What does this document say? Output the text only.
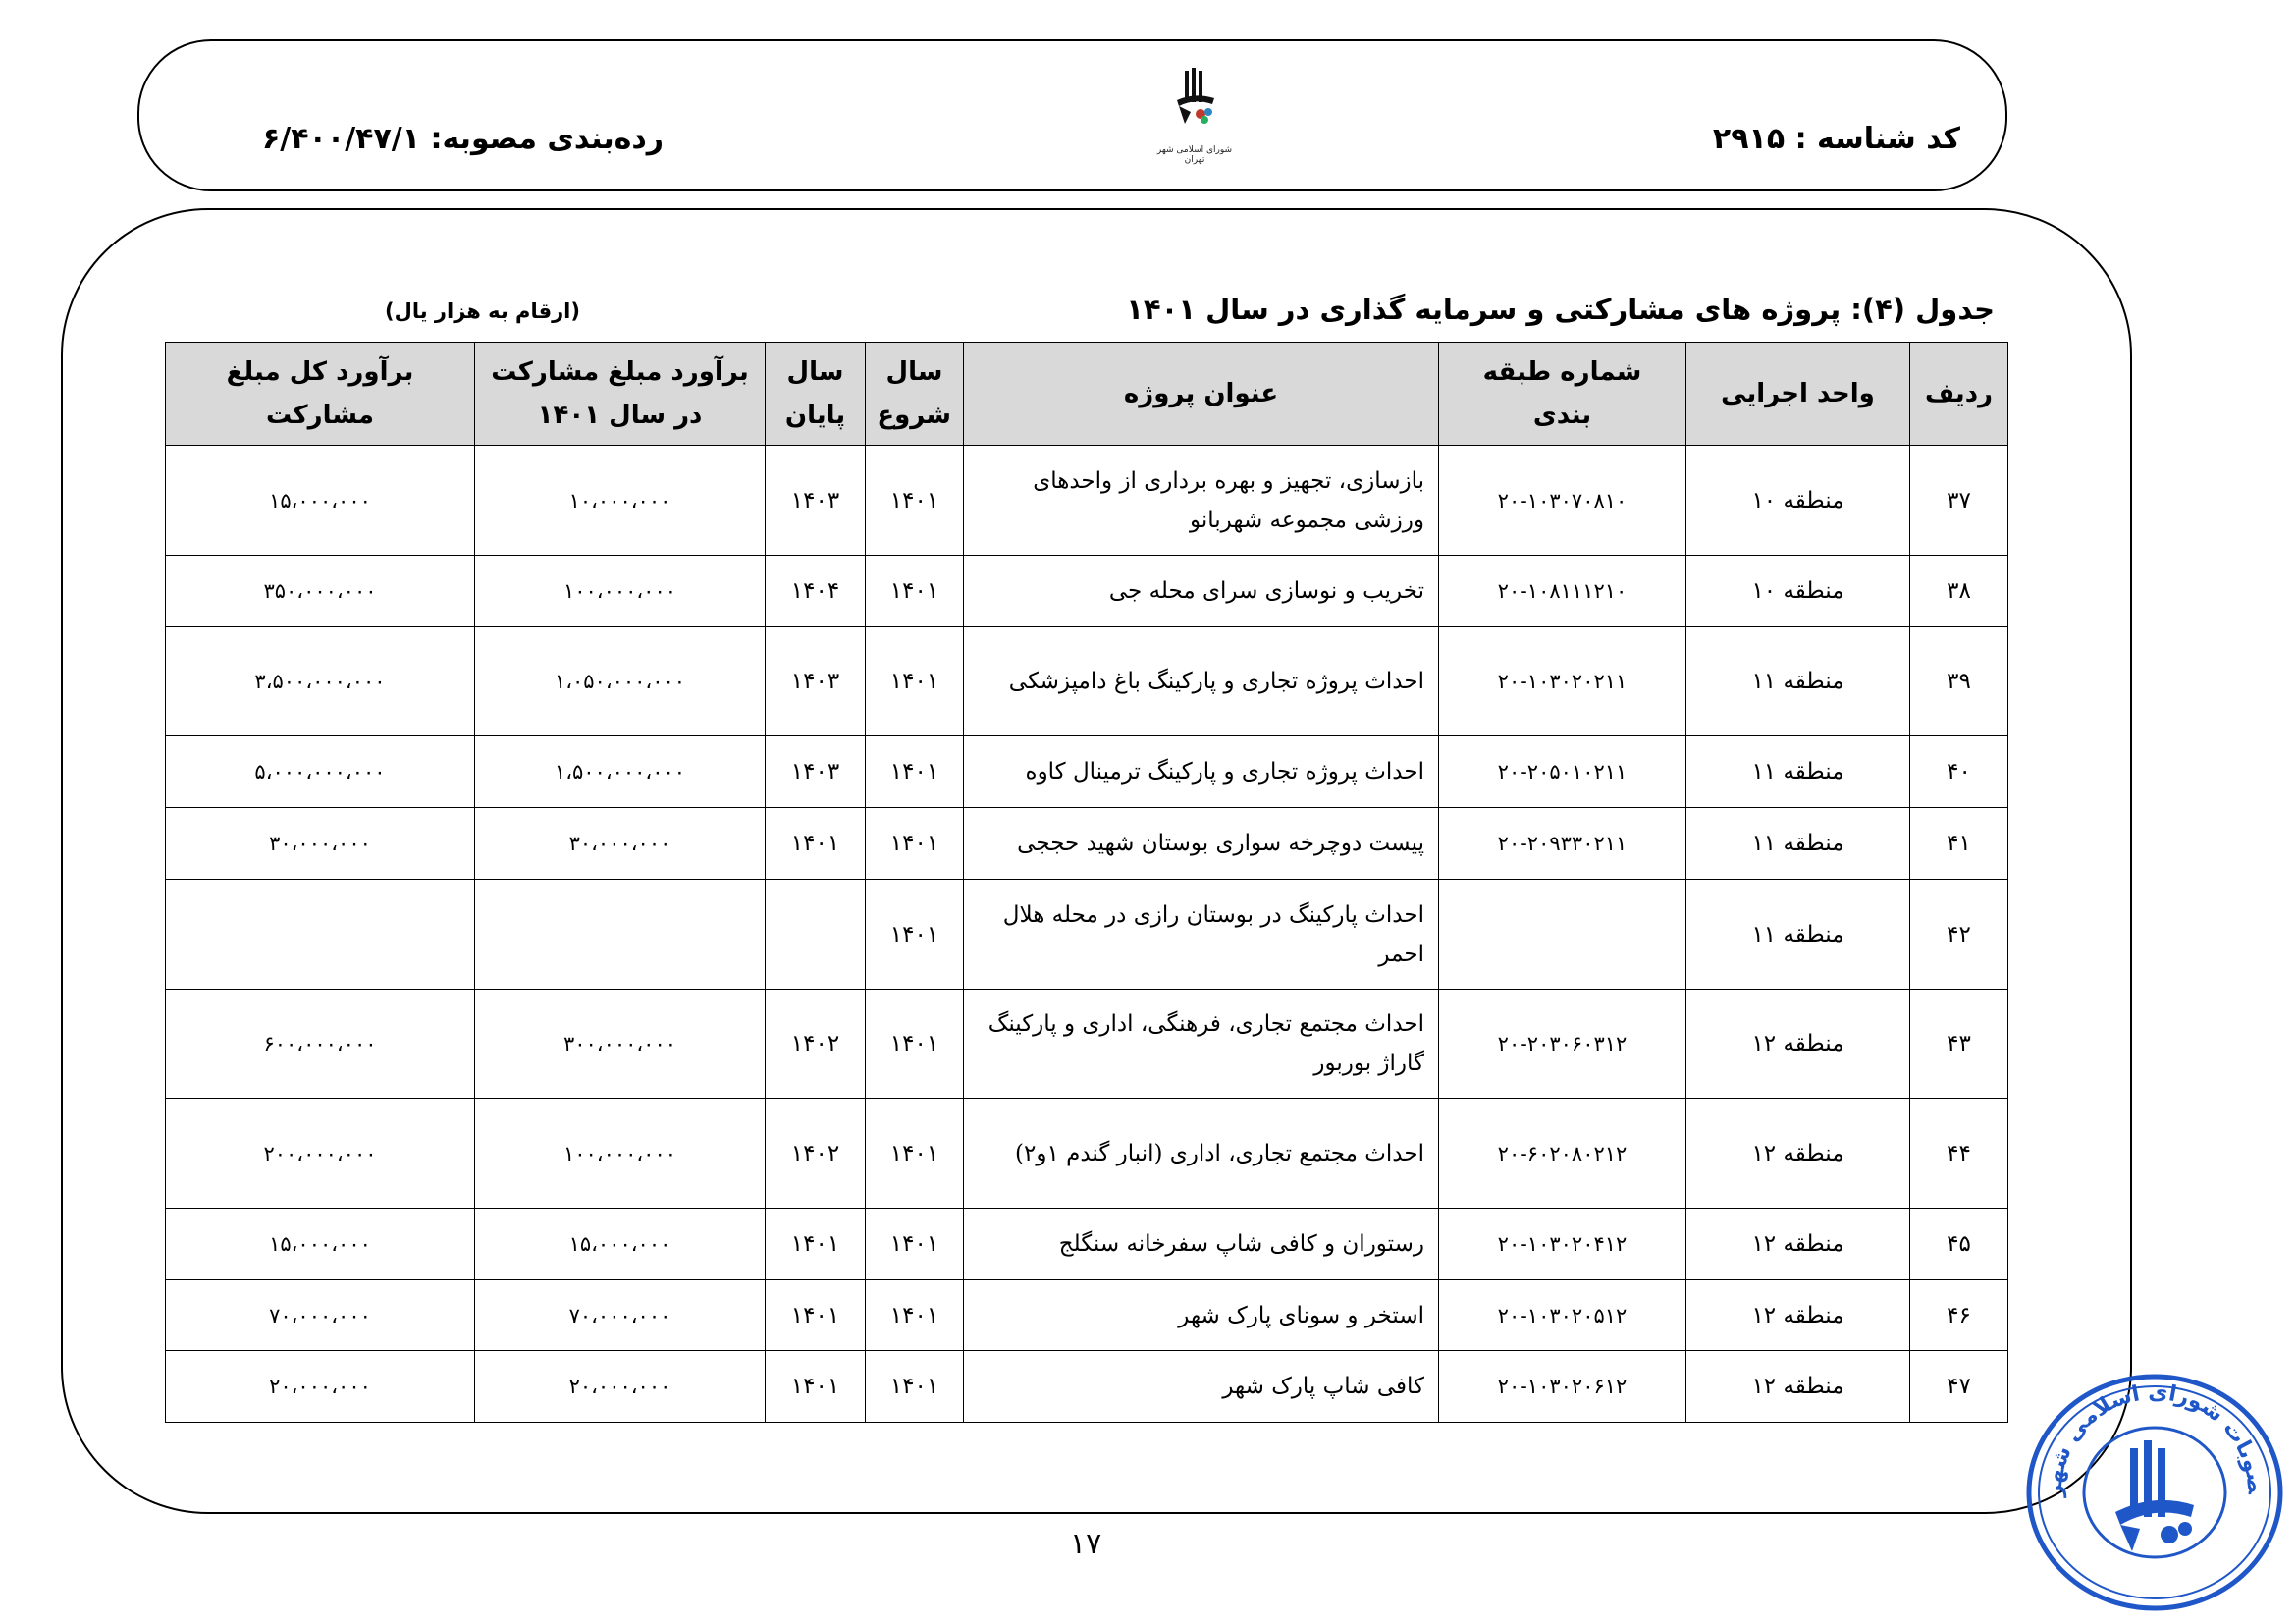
کد شناسه : ۲۹۱۵
رده‌بندی مصوبه: ۶/۴۰۰/۴۷/۱	شورای اسلامی شهر تهران
جدول (۴): پروژه های مشارکتی و سرمایه گذاری در سال ۱۴۰۱
(ارقام به هزار یال)
ردیف	واحد اجرایی	شماره طبقه بندی	عنوان پروژه	سال شروع	سال پایان	برآورد مبلغ مشارکت در سال ۱۴۰۱	برآورد کل مبلغ مشارکت
۳۷	منطقه ۱۰	۲۰-۱۰۳۰۷۰۸۱۰	بازسازی، تجهیز و بهره برداری از واحدهای ورزشی مجموعه شهربانو	۱۴۰۱	۱۴۰۳	۱۰،۰۰۰،۰۰۰	۱۵،۰۰۰،۰۰۰
۳۸	منطقه ۱۰	۲۰-۱۰۸۱۱۱۲۱۰	تخریب و نوسازی سرای محله جی	۱۴۰۱	۱۴۰۴	۱۰۰،۰۰۰،۰۰۰	۳۵۰،۰۰۰،۰۰۰
۳۹	منطقه ۱۱	۲۰-۱۰۳۰۲۰۲۱۱	احداث پروژه تجاری و پارکینگ باغ دامپزشکی	۱۴۰۱	۱۴۰۳	۱،۰۵۰،۰۰۰،۰۰۰	۳،۵۰۰،۰۰۰،۰۰۰
۴۰	منطقه ۱۱	۲۰-۲۰۵۰۱۰۲۱۱	احداث پروژه تجاری و پارکینگ ترمینال کاوه	۱۴۰۱	۱۴۰۳	۱،۵۰۰،۰۰۰،۰۰۰	۵،۰۰۰،۰۰۰،۰۰۰
۴۱	منطقه ۱۱	۲۰-۲۰۹۳۳۰۲۱۱	پیست دوچرخه سواری بوستان شهید حججی	۱۴۰۱	۱۴۰۱	۳۰،۰۰۰،۰۰۰	۳۰،۰۰۰،۰۰۰
۴۲	منطقه ۱۱		احداث پارکینگ در بوستان رازی در محله هلال احمر	۱۴۰۱			
۴۳	منطقه ۱۲	۲۰-۲۰۳۰۶۰۳۱۲	احداث مجتمع تجاری، فرهنگی، اداری و پارکینگ گاراژ بوربور	۱۴۰۱	۱۴۰۲	۳۰۰،۰۰۰،۰۰۰	۶۰۰،۰۰۰،۰۰۰
۴۴	منطقه ۱۲	۲۰-۶۰۲۰۸۰۲۱۲	احداث مجتمع تجاری، اداری (انبار گندم ۱و۲)	۱۴۰۱	۱۴۰۲	۱۰۰،۰۰۰،۰۰۰	۲۰۰،۰۰۰،۰۰۰
۴۵	منطقه ۱۲	۲۰-۱۰۳۰۲۰۴۱۲	رستوران و کافی شاپ سفرخانه سنگلج	۱۴۰۱	۱۴۰۱	۱۵،۰۰۰،۰۰۰	۱۵،۰۰۰،۰۰۰
۴۶	منطقه ۱۲	۲۰-۱۰۳۰۲۰۵۱۲	استخر و سونای پارک شهر	۱۴۰۱	۱۴۰۱	۷۰،۰۰۰،۰۰۰	۷۰،۰۰۰،۰۰۰
۴۷	منطقه ۱۲	۲۰-۱۰۳۰۲۰۶۱۲	کافی شاپ پارک شهر	۱۴۰۱	۱۴۰۱	۲۰،۰۰۰،۰۰۰	۲۰،۰۰۰،۰۰۰
۱۷
صوبات شورای اسلامی شهر
